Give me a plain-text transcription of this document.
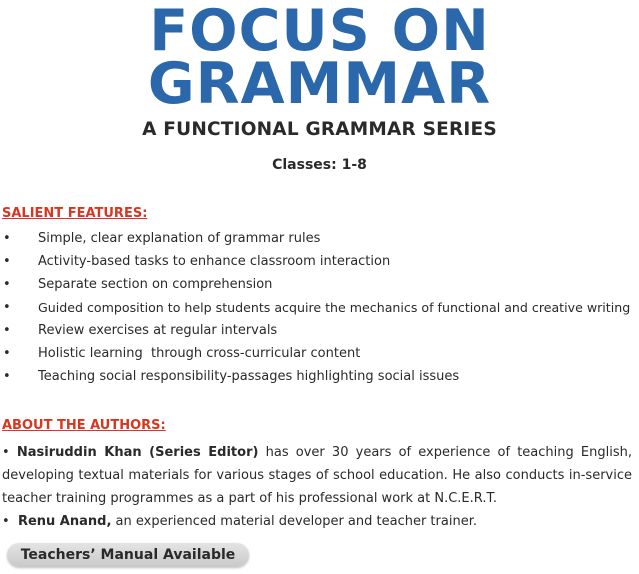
FOCUS ON
GRAMMAR
A FUNCTIONAL GRAMMAR SERIES
Classes: 1-8
SALIENT FEATURES:
• Simple, clear explanation of grammar rules
• Activity-based tasks to enhance classroom interaction
• Separate section on comprehension
• Guided composition to help students acquire the mechanics of functional and creative writing
• Review exercises at regular intervals
• Holistic learning  through cross-curricular content
• Teaching social responsibility-passages highlighting social issues
ABOUT THE AUTHORS:

• Nasiruddin Khan (Series Editor) has over 30 years of experience of teaching English, developing textual materials for various stages of school education. He also conducts in-service teacher training programmes as a part of his professional work at N.C.E.R.T.

• Renu Anand, an experienced material developer and teacher trainer.

Teachers’ Manual Available
